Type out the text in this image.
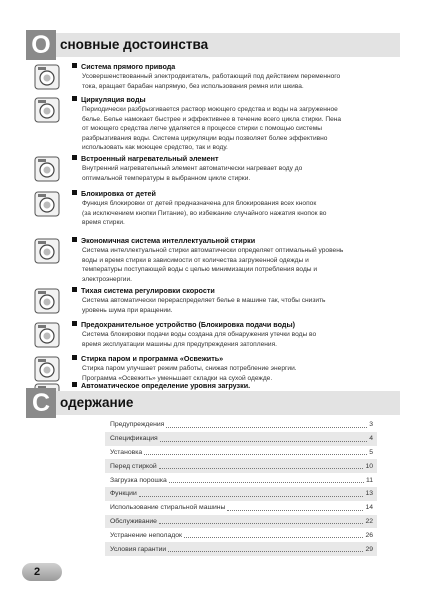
О сновные достоинства
Система прямого привода
Усовершенствованный электродвигатель, работающий под действием переменного
тока, вращает барабан напрямую, без использования ремня или шкива.
Циркуляция воды
Периодически разбрызгивается раствор моющего средства и воды на загруженное
белье. Белье намокает быстрее и эффективнее в течение всего цикла стирки. Пена
от моющего средства легче удаляется в процессе стирки с помощью системы
разбрызгивания воды. Система циркуляции воды позволяет более эффективно
использовать как моющее средство, так и воду.
Встроенный нагревательный элемент
Внутренний нагревательный элемент автоматически нагревает воду до
оптимальной температуры в выбранном цикле стирки.
Блокировка от детей
Функция блокировки от детей предназначена для блокирования всех кнопок
(за исключением кнопки Питание), во избежание случайного нажатия кнопок во
время стирки.
Экономичная система интеллектуальной стирки
Система интеллектуальной стирки автоматически определяет оптимальный уровень
воды и время стирки в зависимости от количества загруженной одежды и
температуры поступающей воды с целью минимизации потребления воды и
электроэнергии.
Тихая система регулировки скорости
Система автоматически перераспределяет белье в машине так, чтобы снизить
уровень шума при вращении.
Предохранительное устройство (Блокировка подачи воды)
Система блокировки подачи воды создана для обнаружения утечки воды во
время эксплуатации машины для предупреждения затопления.
Стирка паром и программа «Освежить»
Стирка паром улучшает режим работы, снижая потребление энергии.
Программа «Освежить» уменьшает складки на сухой одежде.
Автоматическое определение уровня загрузки.
С одержание
Предупреждения	3
Спецификация	4
Установка	5
Перед стиркой	10
Загрузка порошка	11
Функции	13
Использование стиральной машины	14
Обслуживание	22
Устранение неполадок	26
Условия гарантии	29
2
